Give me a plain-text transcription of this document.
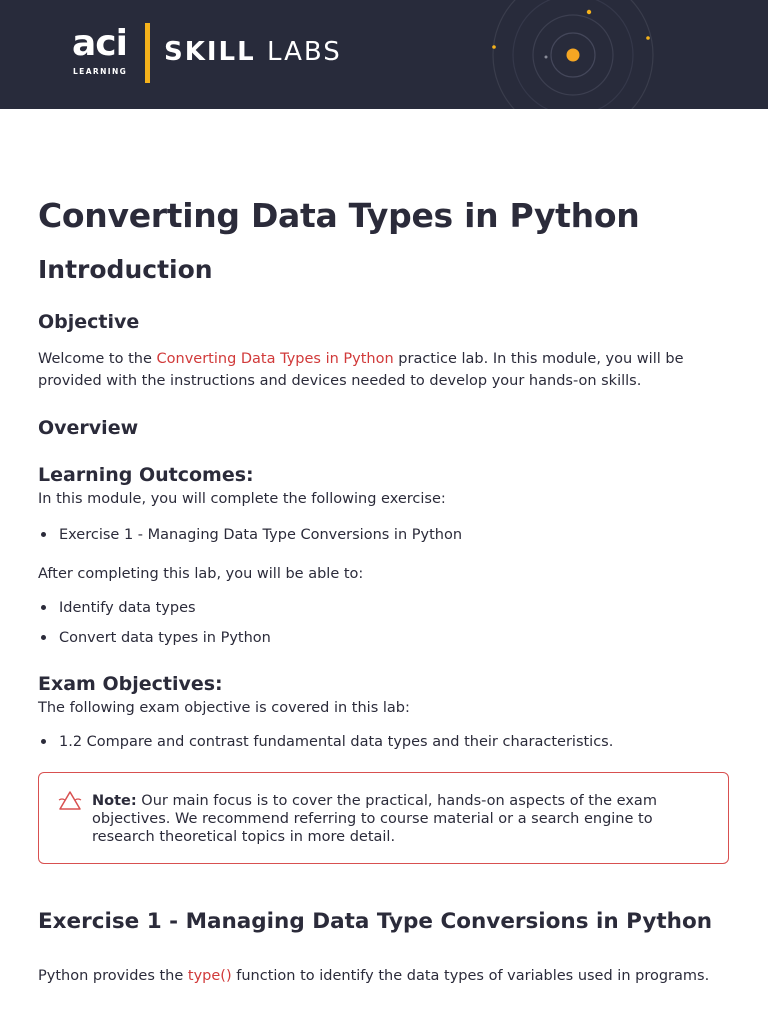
aci
LEARNING
SKILL LABS
Converting Data Types in Python
Introduction
Objective

Welcome to the Converting Data Types in Python practice lab. In this module, you will be provided with the instructions and devices needed to develop your hands-on skills.

Overview
Learning Outcomes:

In this module, you will complete the following exercise:

Exercise 1 - Managing Data Type Conversions in Python

After completing this lab, you will be able to:

Identify data types
Convert data types in Python
Exam Objectives:

The following exam objective is covered in this lab:

1.2 Compare and contrast fundamental data types and their characteristics.
Note: Our main focus is to cover the practical, hands-on aspects of the exam
objectives. We recommend referring to course material or a search engine to
research theoretical topics in more detail.
Exercise 1 - Managing Data Type Conversions in Python

Python provides the type() function to identify the data types of variables used in programs.
